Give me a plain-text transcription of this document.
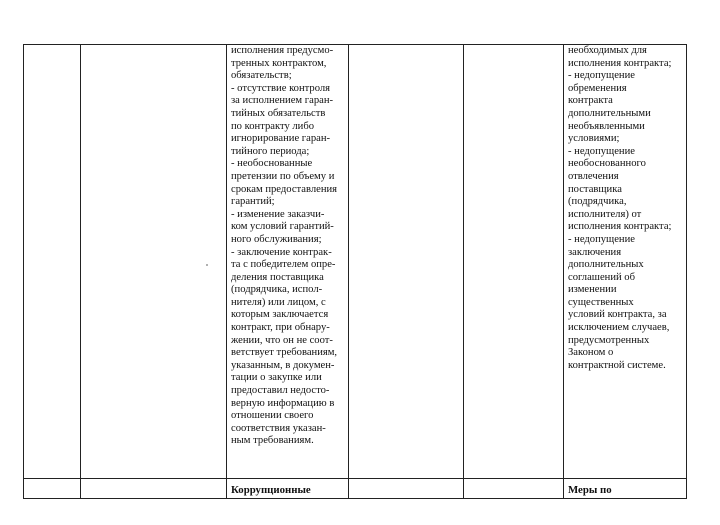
исполнения предусмо-
тренных контрактом,
обязательств;
- отсутствие контроля
за исполнением гаран-
тийных обязательств
по контракту либо
игнорирование гаран-
тийного периода;
- необоснованные
претензии по объему и
срокам предоставления
гарантий;
- изменение заказчи-
ком условий гарантий-
ного обслуживания;
- заключение контрак-
та с победителем опре-
деления поставщика
(подрядчика, испол-
нителя) или лицом, с
которым заключается
контракт, при обнару-
жении, что он не соот-
ветствует требованиям,
указанным, в докумен-
тации о закупке или
предоставил недосто-
верную информацию в
отношении своего
соответствия указан-
ным требованиям.
необходимых для
исполнения контракта;
- недопущение
обременения
контракта
дополнительными
необъявленными
условиями;
- недопущение
необоснованного
отвлечения
поставщика
(подрядчика,
исполнителя) от
исполнения контракта;
- недопущение
заключения
дополнительных
соглашений об
изменении
существенных
условий контракта, за
исключением случаев,
предусмотренных
Законом о
контрактной системе.
Коррупционные	Меры по
